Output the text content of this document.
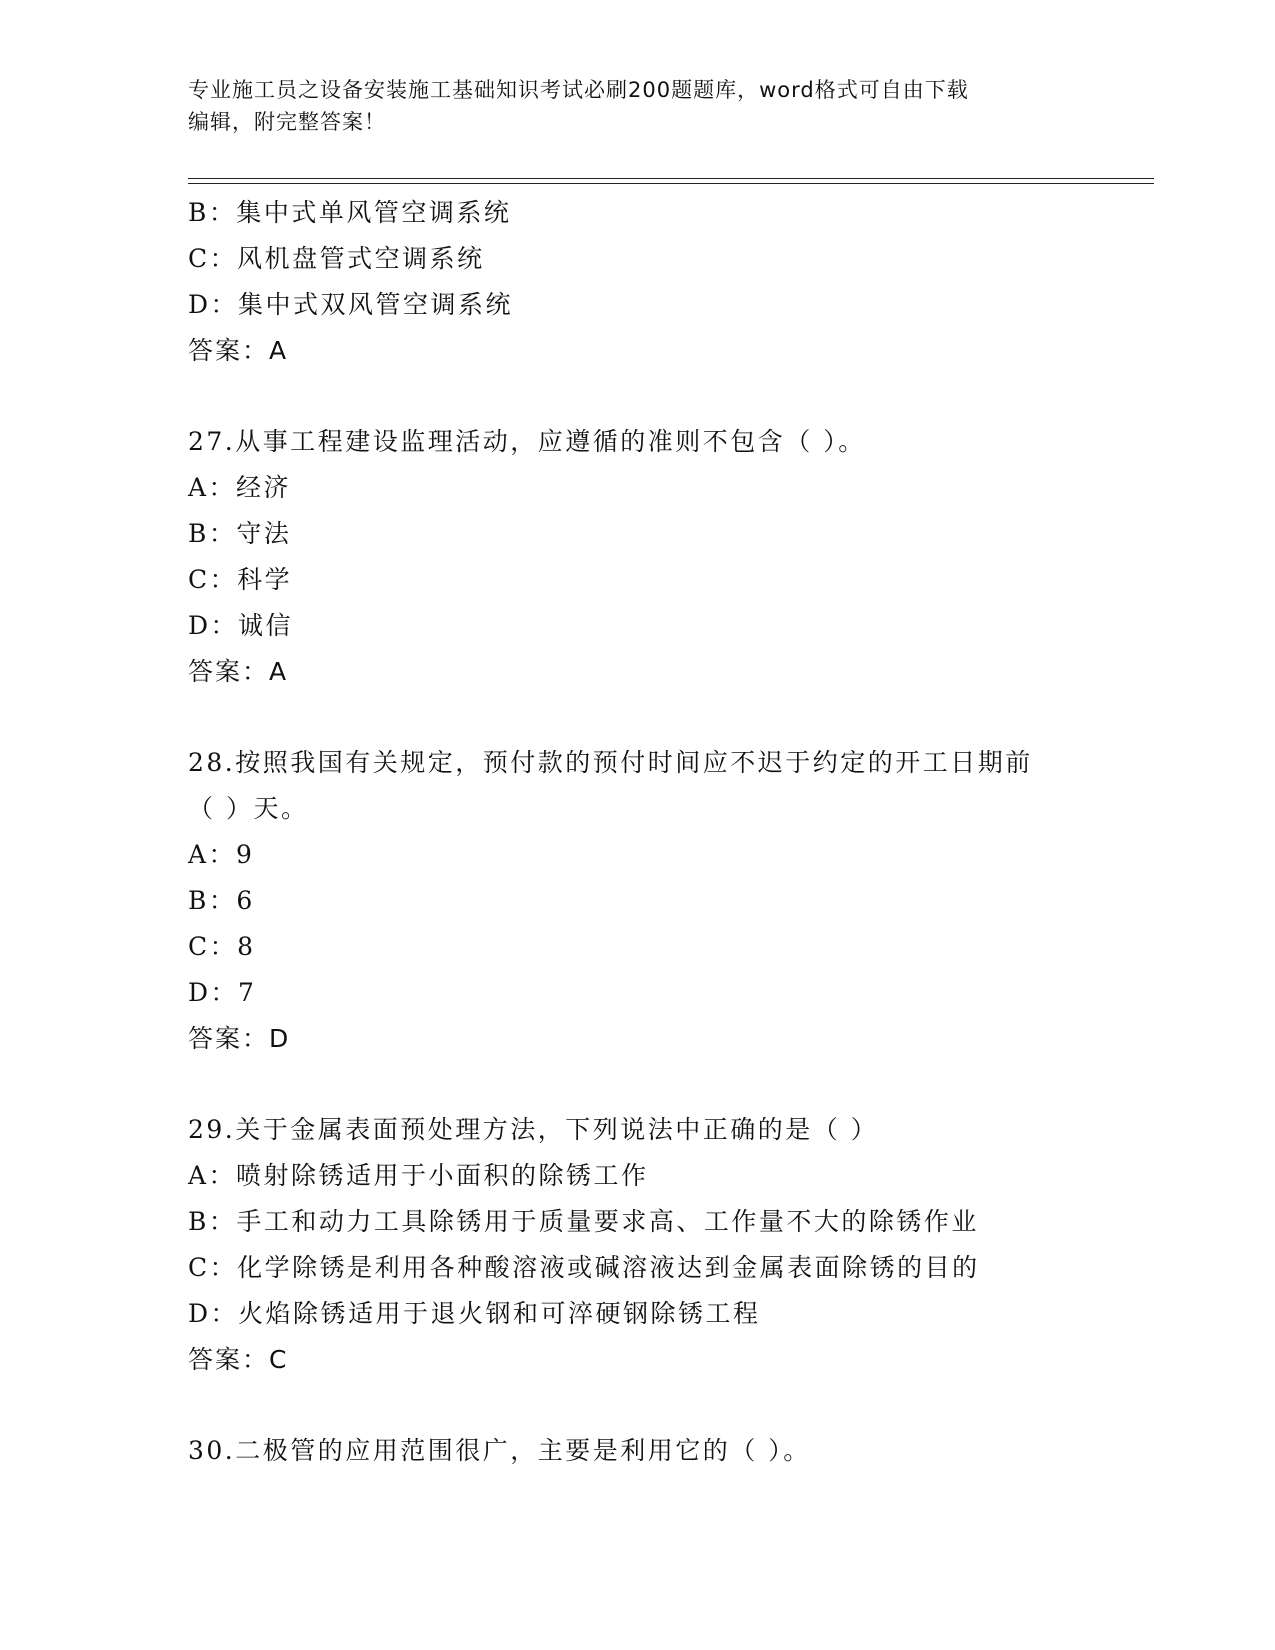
专业施工员之设备安装施工基础知识考试必刷200题题库，word格式可自由下载
编辑，附完整答案！
B：集中式单风管空调系统
C：风机盘管式空调系统
D：集中式双风管空调系统
答案：A
27.从事工程建设监理活动，应遵循的准则不包含（ ）。
A：经济
B：守法
C：科学
D：诚信
答案：A
28.按照我国有关规定，预付款的预付时间应不迟于约定的开工日期前
（ ）天。
A：9
B：6
C：8
D：7
答案：D
29.关于金属表面预处理方法，下列说法中正确的是（ ）
A：喷射除锈适用于小面积的除锈工作
B：手工和动力工具除锈用于质量要求高、工作量不大的除锈作业
C：化学除锈是利用各种酸溶液或碱溶液达到金属表面除锈的目的
D：火焰除锈适用于退火钢和可淬硬钢除锈工程
答案：C
30.二极管的应用范围很广，主要是利用它的（ ）。
